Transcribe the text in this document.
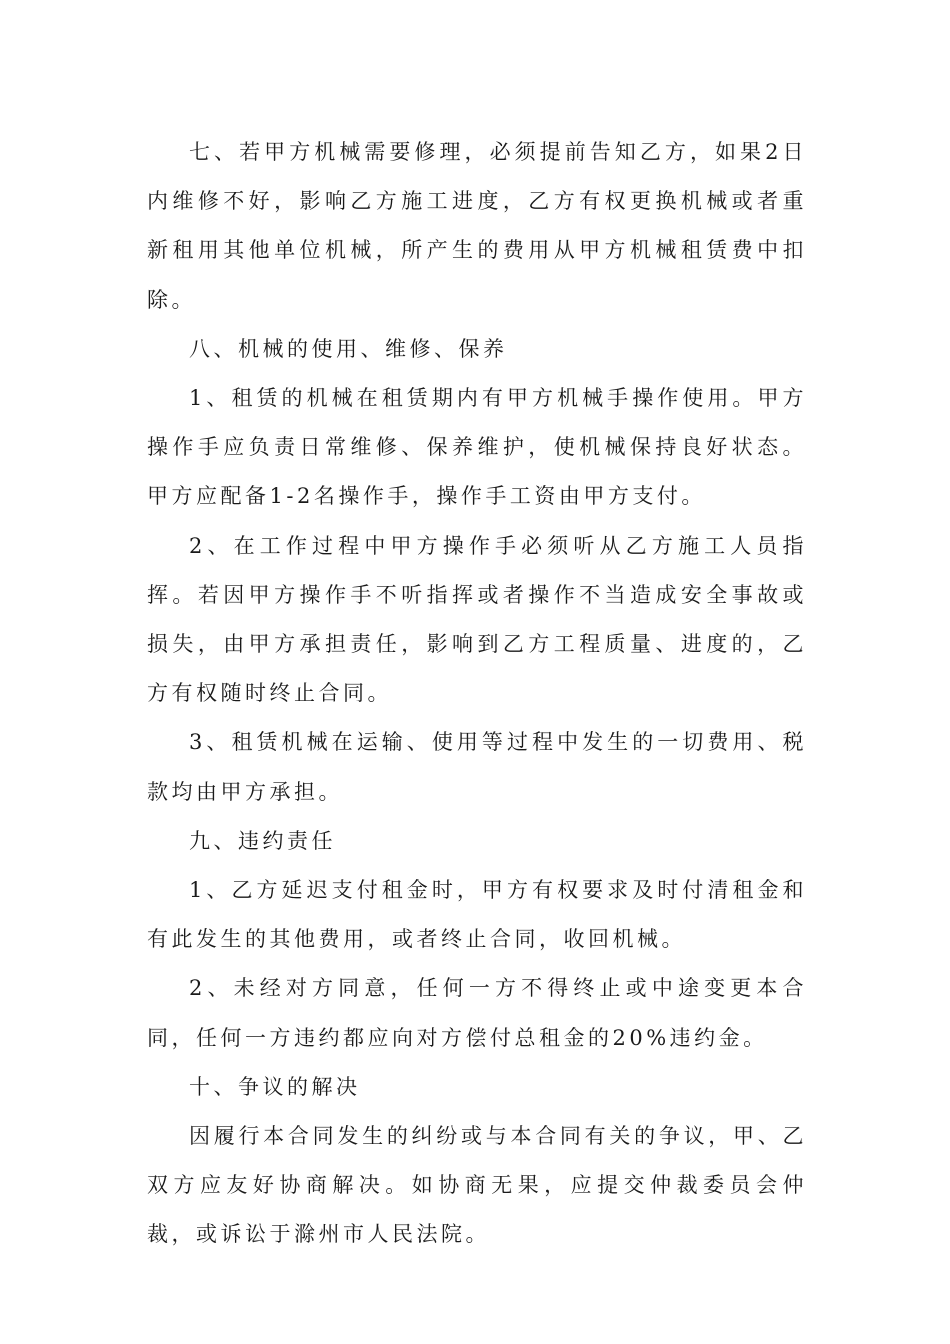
七、若甲方机械需要修理，必须提前告知乙方，如果2日内维修不好，影响乙方施工进度，乙方有权更换机械或者重新租用其他单位机械，所产生的费用从甲方机械租赁费中扣除。

八、机械的使用、维修、保养

1、租赁的机械在租赁期内有甲方机械手操作使用。甲方操作手应负责日常维修、保养维护，使机械保持良好状态。甲方应配备1-2名操作手，操作手工资由甲方支付。

2、在工作过程中甲方操作手必须听从乙方施工人员指挥。若因甲方操作手不听指挥或者操作不当造成安全事故或损失，由甲方承担责任，影响到乙方工程质量、进度的，乙方有权随时终止合同。

3、租赁机械在运输、使用等过程中发生的一切费用、税款均由甲方承担。

九、违约责任

1、乙方延迟支付租金时，甲方有权要求及时付清租金和有此发生的其他费用，或者终止合同，收回机械。

2、未经对方同意，任何一方不得终止或中途变更本合同，任何一方违约都应向对方偿付总租金的20%违约金。

十、争议的解决

因履行本合同发生的纠纷或与本合同有关的争议，甲、乙双方应友好协商解决。如协商无果，应提交仲裁委员会仲裁，或诉讼于滁州市人民法院。
